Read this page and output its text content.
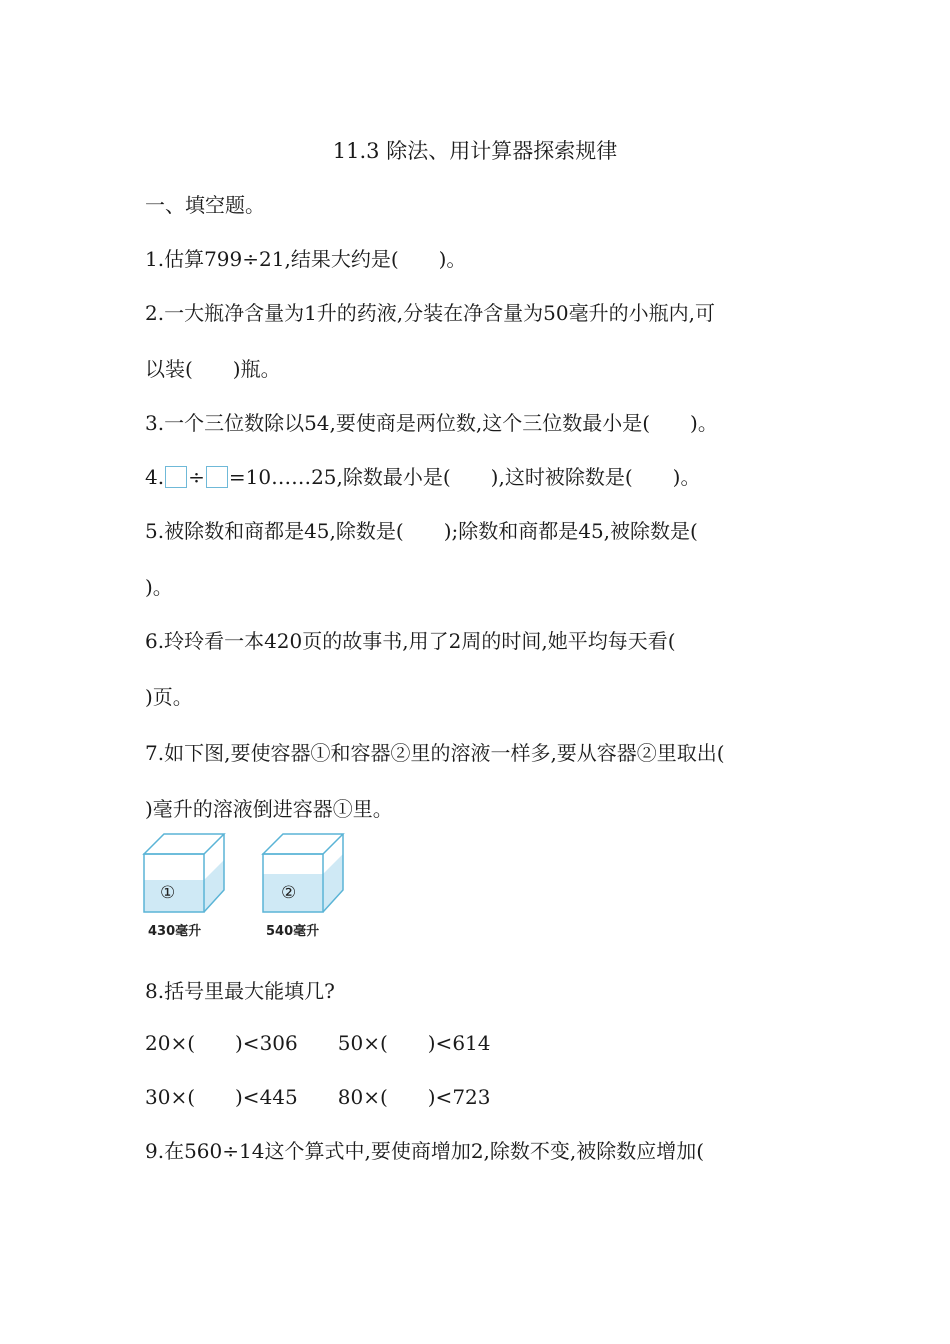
11.3 除法、用计算器探索规律
一、填空题。
1.估算799÷21,结果大约是(　　)。
2.一大瓶净含量为1升的药液,分装在净含量为50毫升的小瓶内,可
以装(　　)瓶。
3.一个三位数除以54,要使商是两位数,这个三位数最小是(　　)。
4. ÷ =10……25,除数最小是(　　),这时被除数是(　　)。
5.被除数和商都是45,除数是(　　);除数和商都是45,被除数是(
)。
6.玲玲看一本420页的故事书,用了2周的时间,她平均每天看(
)页。
7.如下图,要使容器①和容器②里的溶液一样多,要从容器②里取出(
)毫升的溶液倒进容器①里。
①	②
430毫升	540毫升
8.括号里最大能填几?
20×(　　)<306　　50×(　　)<614
30×(　　)<445　　80×(　　)<723
9.在560÷14这个算式中,要使商增加2,除数不变,被除数应增加(
